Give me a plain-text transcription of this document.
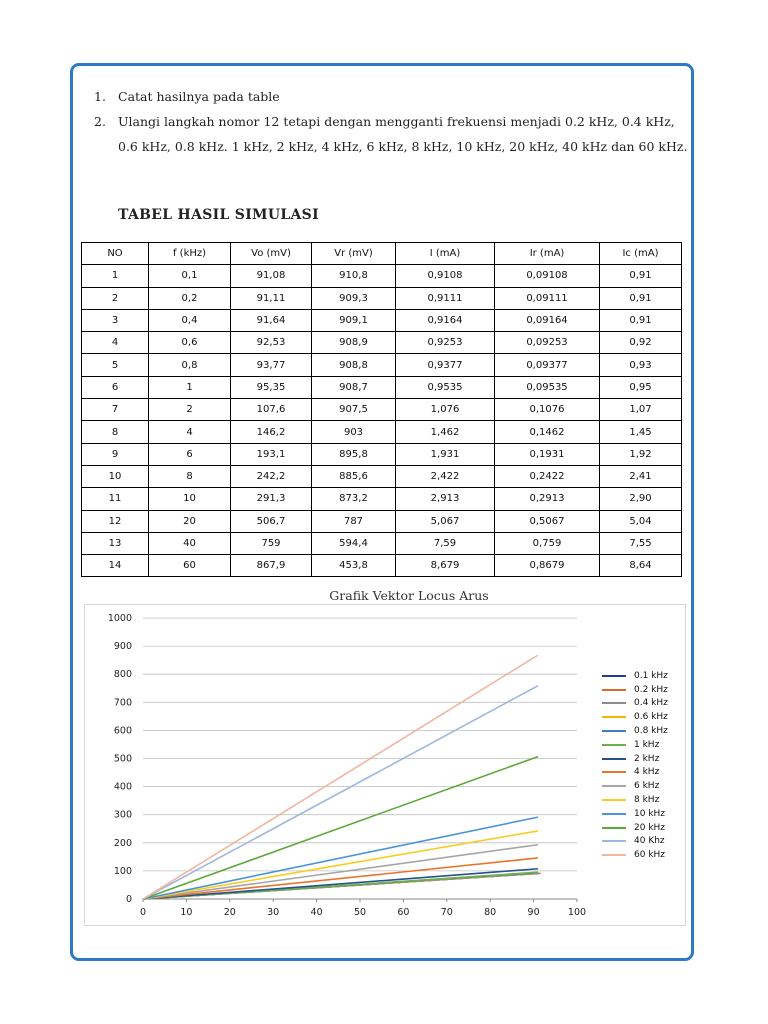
1. Catat hasilnya pada table
2. Ulangi langkah nomor 12 tetapi dengan mengganti frekuensi menjadi 0.2 kHz, 0.4 kHz, 0.6 kHz, 0.8 kHz. 1 kHz, 2 kHz, 4 kHz, 6 kHz, 8 kHz, 10 kHz, 20 kHz, 40 kHz dan 60 kHz.
TABEL HASIL SIMULASI
NO	f (kHz)	Vo (mV)	Vr (mV)	I (mA)	Ir (mA)	Ic (mA)
1	0,1	91,08	910,8	0,9108	0,09108	0,91
2	0,2	91,11	909,3	0,9111	0,09111	0,91
3	0,4	91,64	909,1	0,9164	0,09164	0,91
4	0,6	92,53	908,9	0,9253	0,09253	0,92
5	0,8	93,77	908,8	0,9377	0,09377	0,93
6	1	95,35	908,7	0,9535	0,09535	0,95
7	2	107,6	907,5	1,076	0,1076	1,07
8	4	146,2	903	1,462	0,1462	1,45
9	6	193,1	895,8	1,931	0,1931	1,92
10	8	242,2	885,6	2,422	0,2422	2,41
11	10	291,3	873,2	2,913	0,2913	2,90
12	20	506,7	787	5,067	0,5067	5,04
13	40	759	594,4	7,59	0,759	7,55
14	60	867,9	453,8	8,679	0,8679	8,64
Grafik Vektor Locus Arus
0
100
200
300
400
500
600
700
800
900
1000
0	10	20	30	40	50	60	70	80	90	100
0.1 kHz
0.2 kHz
0.4 kHz
0.6 kHz
0.8 kHz
1 kHz
2 kHz
4 kHz
6 kHz
8 kHz
10 kHz
20 kHz
40 Khz
60 kHz
